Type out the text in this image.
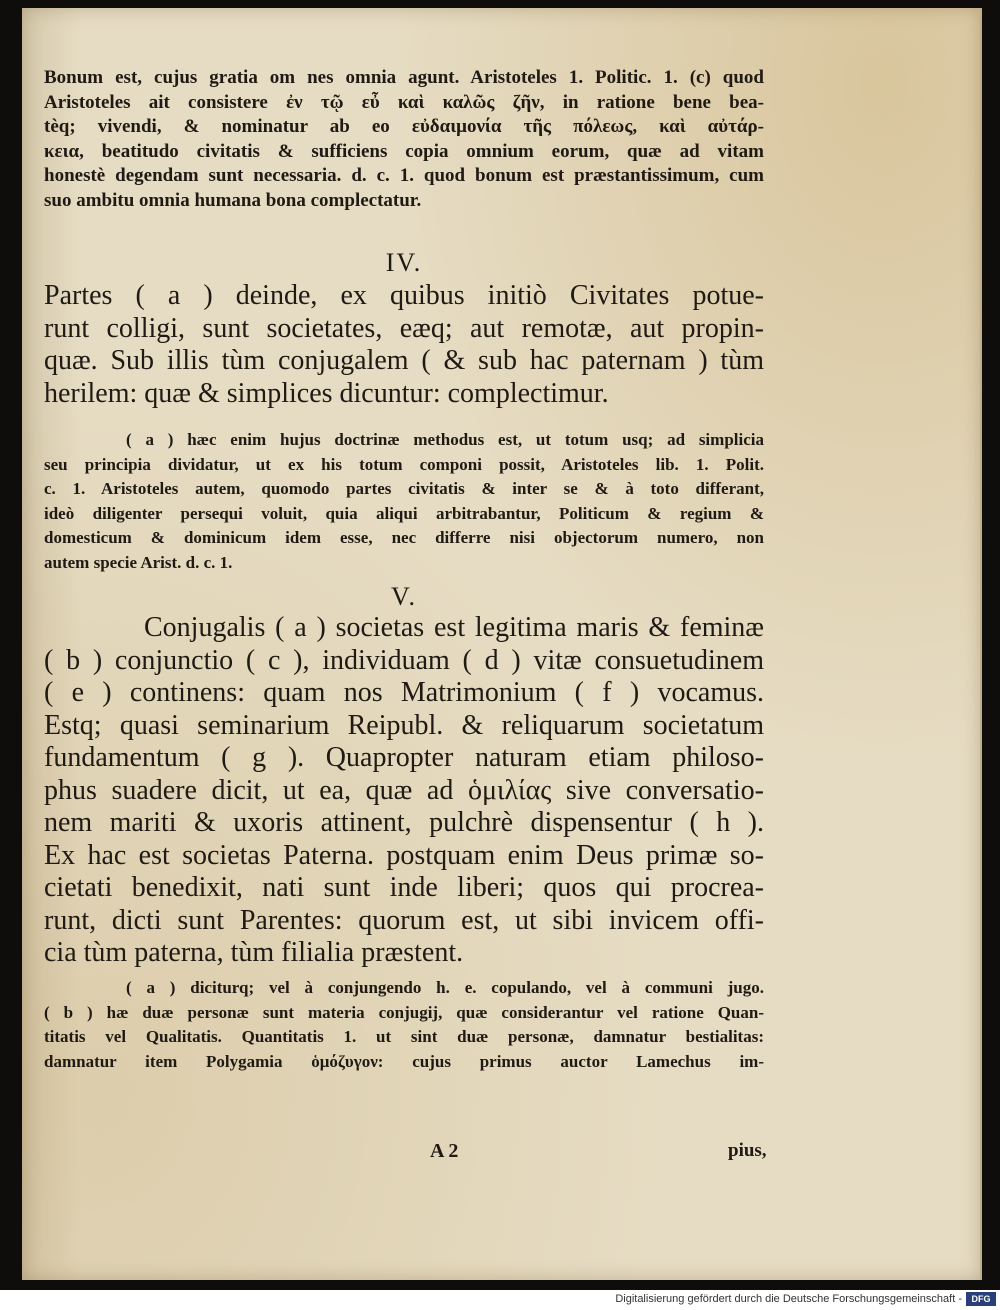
Bonum est, cujus gratia om nes omnia agunt. Aristoteles 1. Politic. 1. (c) quod
Aristoteles ait consistere ἐν τῷ εὖ καὶ καλῶς ζῆν, in ratione bene bea-
tèq; vivendi, & nominatur ab eo εὐδαιμονία τῆς πόλεως, καὶ αὐτάρ-
κεια, beatitudo civitatis & sufficiens copia omnium eorum, quæ ad vitam
honestè degendam sunt necessaria. d. c. 1. quod bonum est præstantissimum, cum
suo ambitu omnia humana bona complectatur.
IV.
Partes ( a ) deinde, ex quibus initiò Civitates potue-
runt colligi, sunt societates, eæq; aut remotæ, aut propin-
quæ. Sub illis tùm conjugalem ( & sub hac paternam ) tùm
herilem: quæ & simplices dicuntur: complectimur.
( a ) hæc enim hujus doctrinæ methodus est, ut totum usq; ad simplicia
seu principia dividatur, ut ex his totum componi possit, Aristoteles lib. 1. Polit.
c. 1. Aristoteles autem, quomodo partes civitatis & inter se & à toto differant,
ideò diligenter persequi voluit, quia aliqui arbitrabantur, Politicum & regium &
domesticum & dominicum idem esse, nec differre nisi objectorum numero, non
autem specie Arist. d. c. 1.
V.
Conjugalis ( a ) societas est legitima maris & feminæ
( b ) conjunctio ( c ), individuam ( d ) vitæ consuetudinem
( e ) continens: quam nos Matrimonium ( f ) vocamus.
Estq; quasi seminarium Reipubl. & reliquarum societatum
fundamentum ( g ). Quapropter naturam etiam philoso-
phus suadere dicit, ut ea, quæ ad ὁμιλίας sive conversatio-
nem mariti & uxoris attinent, pulchrè dispensentur ( h ).
Ex hac est societas Paterna. postquam enim Deus primæ so-
cietati benedixit, nati sunt inde liberi; quos qui procrea-
runt, dicti sunt Parentes: quorum est, ut sibi invicem offi-
cia tùm paterna, tùm filialia præstent.
( a ) diciturq; vel à conjungendo h. e. copulando, vel à communi jugo.
( b ) hæ duæ personæ sunt materia conjugij, quæ considerantur vel ratione Quan-
titatis vel Qualitatis. Quantitatis 1. ut sint duæ personæ, damnatur bestialitas:
damnatur item Polygamia ὁμόζυγον: cujus primus auctor Lamechus im-
A 2	pius,
Digitalisierung gefördert durch die Deutsche Forschungsgemeinschaft -	DFG
